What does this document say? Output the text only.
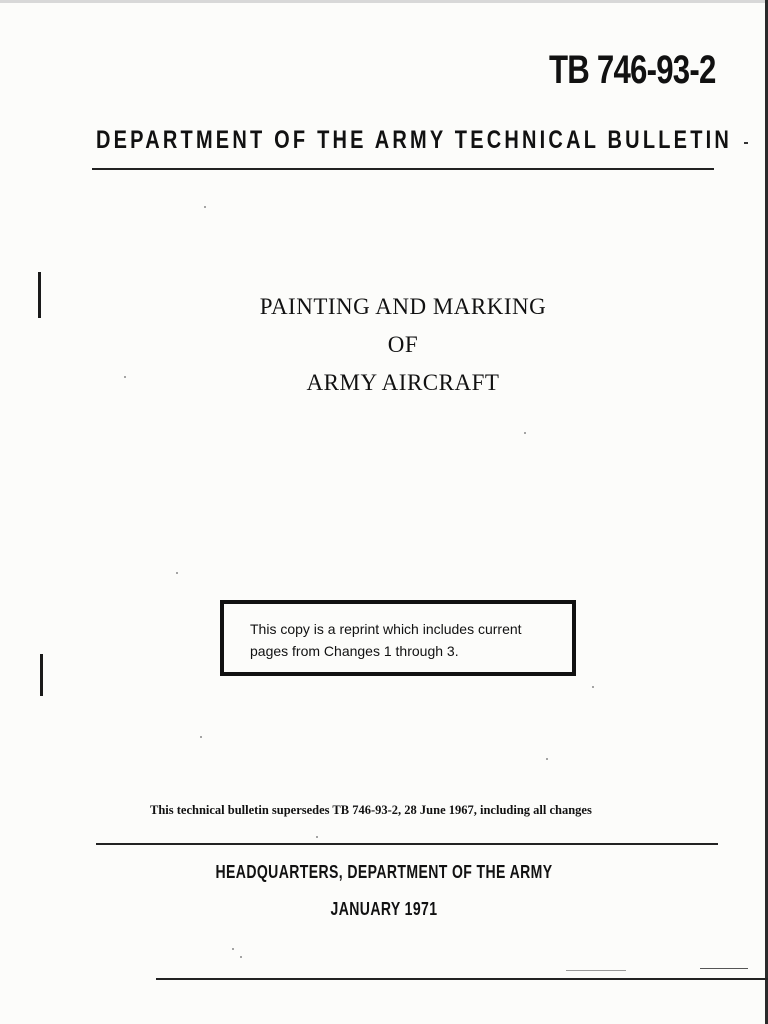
TB 746-93-2
DEPARTMENT OF THE ARMY TECHNICAL BULLETIN
PAINTING AND MARKING
OF
ARMY AIRCRAFT
This copy is a reprint which includes current
pages from Changes 1 through 3.
This technical bulletin supersedes TB 746-93-2, 28 June 1967, including all changes
HEADQUARTERS, DEPARTMENT OF THE ARMY
JANUARY 1971
